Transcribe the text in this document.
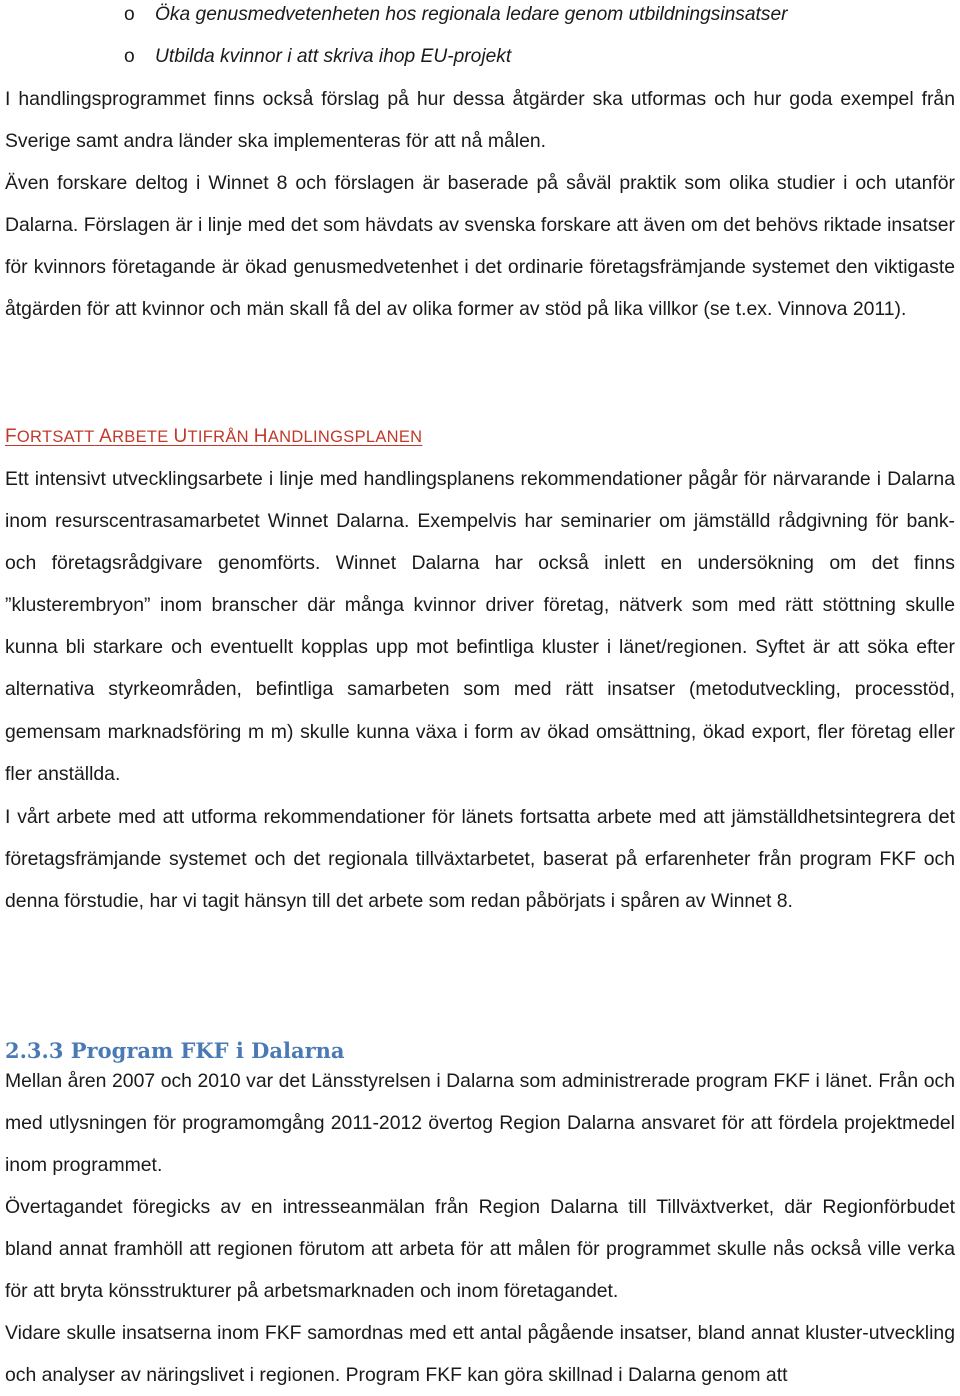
o Öka genusmedvetenheten hos regionala ledare genom utbildningsinsatser
o Utbilda kvinnor i att skriva ihop EU-projekt

I handlingsprogrammet finns också förslag på hur dessa åtgärder ska utformas och hur goda exempel från Sverige samt andra länder ska implementeras för att nå målen.

Även forskare deltog i Winnet 8 och förslagen är baserade på såväl praktik som olika studier i och utanför Dalarna. Förslagen är i linje med det som hävdats av svenska forskare att även om det behövs riktade insatser för kvinnors företagande är ökad genusmedvetenhet i det ordinarie företagsfrämjande systemet den viktigaste åtgärden för att kvinnor och män skall få del av olika former av stöd på lika villkor (se t.ex. Vinnova 2011).

FORTSATT ARBETE UTIFRÅN HANDLINGSPLANEN

Ett intensivt utvecklingsarbete i linje med handlingsplanens rekommendationer pågår för närvarande i Dalarna inom resurscentrasamarbetet Winnet Dalarna. Exempelvis har seminarier om jämställd rådgivning för bank- och företagsrådgivare genomförts. Winnet Dalarna har också inlett en undersökning om det finns ”klusterembryon” inom branscher där många kvinnor driver företag, nätverk som med rätt stöttning skulle kunna bli starkare och eventuellt kopplas upp mot befintliga kluster i länet/regionen. Syftet är att söka efter alternativa styrkeområden, befintliga samarbeten som med rätt insatser (metodutveckling, processtöd, gemensam marknadsföring m m) skulle kunna växa i form av ökad omsättning, ökad export, fler företag eller fler anställda.

I vårt arbete med att utforma rekommendationer för länets fortsatta arbete med att jämställdhetsintegrera det företagsfrämjande systemet och det regionala tillväxtarbetet, baserat på erfarenheter från program FKF och denna förstudie, har vi tagit hänsyn till det arbete som redan påbörjats i spåren av Winnet 8.

2.3.3 Program FKF i Dalarna

Mellan åren 2007 och 2010 var det Länsstyrelsen i Dalarna som administrerade program FKF i länet. Från och med utlysningen för programomgång 2011-2012 övertog Region Dalarna ansvaret för att fördela projektmedel inom programmet.

Övertagandet föregicks av en intresseanmälan från Region Dalarna till Tillväxtverket, där Regionförbudet bland annat framhöll att regionen förutom att arbeta för att målen för programmet skulle nås också ville verka för att bryta könsstrukturer på arbetsmarknaden och inom företagandet.

Vidare skulle insatserna inom FKF samordnas med ett antal pågående insatser, bland annat kluster-utveckling och analyser av näringslivet i regionen. Program FKF kan göra skillnad i Dalarna genom att
